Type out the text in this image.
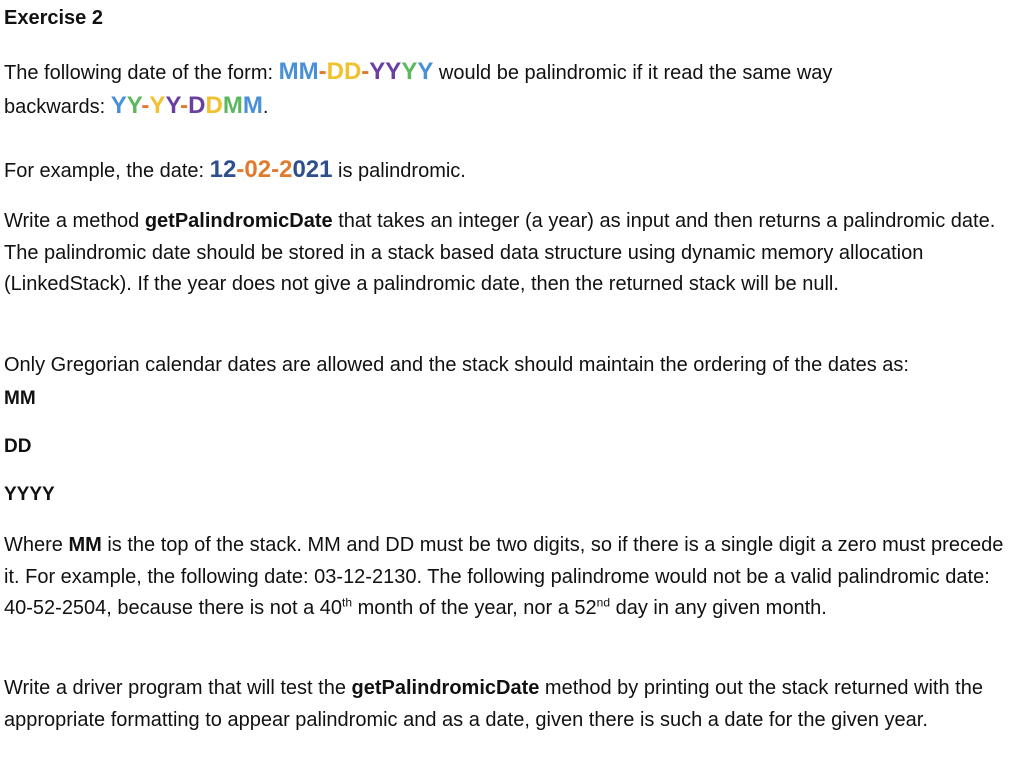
Exercise 2

The following date of the form: MM-DD-YYYY would be palindromic if it read the same way
backwards: YY-YY-DDMM.

For example, the date: 12-02-2021 is palindromic.

Write a method getPalindromicDate that takes an integer (a year) as input and then returns a palindromic date. The palindromic date should be stored in a stack based data structure using dynamic memory allocation (LinkedStack). If the year does not give a palindromic date, then the returned stack will be null.

Only Gregorian calendar dates are allowed and the stack should maintain the ordering of the dates as:

MM
DD
YYYY

Where MM is the top of the stack. MM and DD must be two digits, so if there is a single digit a zero must precede it. For example, the following date: 03-12-2130. The following palindrome would not be a valid palindromic date: 40-52-2504, because there is not a 40th month of the year, nor a 52nd day in any given month.

Write a driver program that will test the getPalindromicDate method by printing out the stack returned with the appropriate formatting to appear palindromic and as a date, given there is such a date for the given year.
